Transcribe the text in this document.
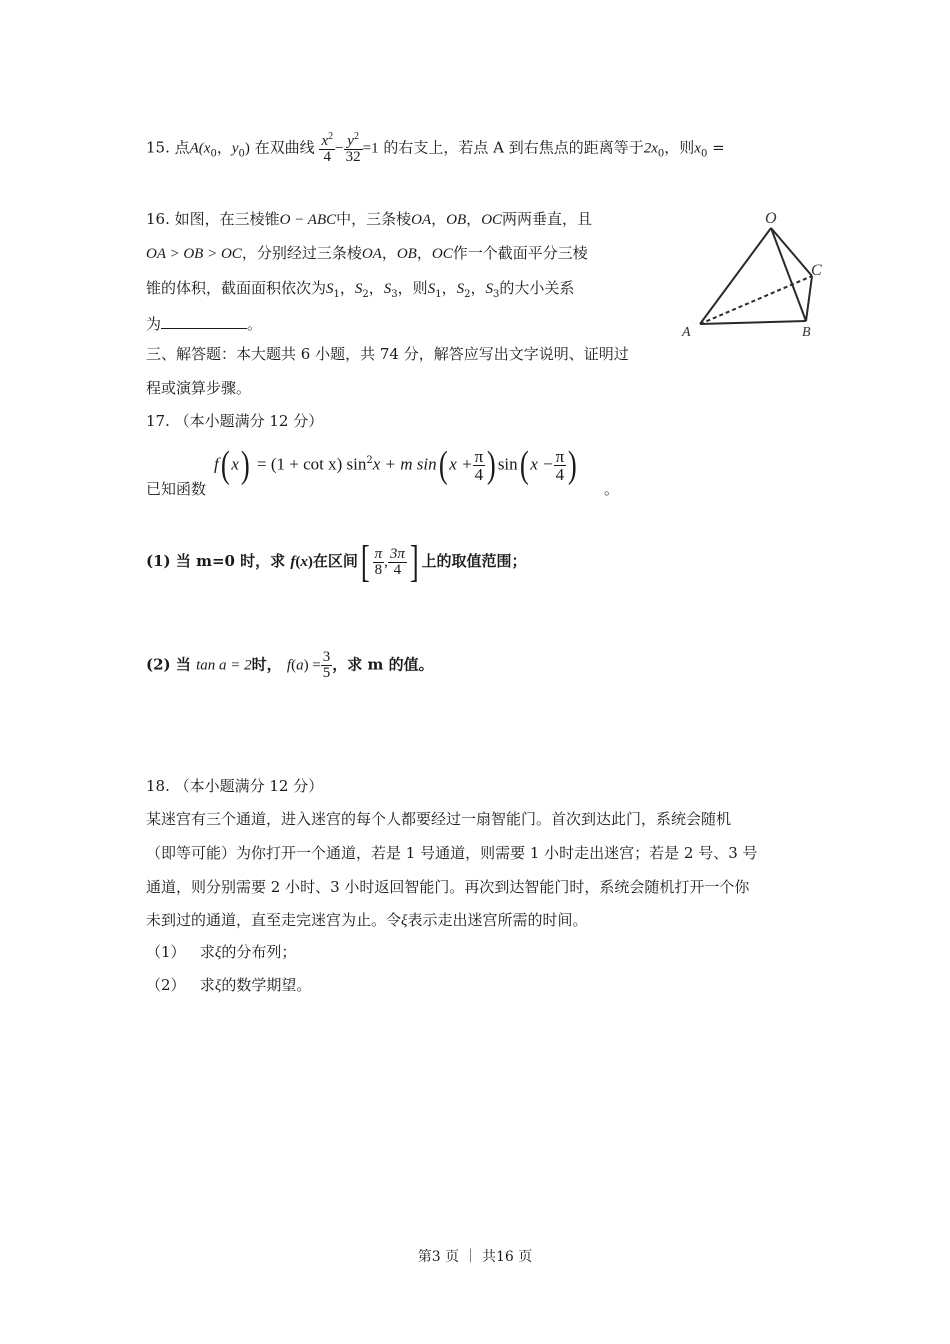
15. 点$A(x_0$，$y_0$) 在双曲线 $\frac{x^2}{4} - \frac{y^2}{32} =1$ 的右支上，若点 A 到右焦点的距离等于$2x_0$，则$x_0$ =
16. 如图，在三棱锥O − ABC中，三条棱OA，OB，OC两两垂直，且
OA > OB > OC，分别经过三条棱OA，OB，OC作一个截面平分三棱
锥的体积，截面面积依次为$S_1$，$S_2$，$S_3$，则$S_1$，$S_2$，$S_3$的大小关系
为	。
O
C
A	B
三、解答题：本大题共 6 小题，共 74 分，解答应写出文字说明、证明过
程或演算步骤。
17. （本小题满分 12 分）
f( x) = (1 + cot x) $\sin^2x + m$ sin( $x + \frac{\pi}{4}$ ) sin( $x - \frac{\pi}{4}$ )
已知函数	。
(1) 当 m=0 时，求 f(x)在区间[ $\frac{\pi}{8}$ , $\frac{3\pi}{4}$ ] 上的取值范围；
(2) 当 tan a = 2时， $f(a) = \frac{3}{5}$ ，求 m 的值。
18. （本小题满分 12 分）
某迷宫有三个通道，进入迷宫的每个人都要经过一扇智能门。首次到达此门，系统会随机
（即等可能）为你打开一个通道，若是 1 号通道，则需要 1 小时走出迷宫；若是 2 号、3 号
通道，则分别需要 2 小时、3 小时返回智能门。再次到达智能门时，系统会随机打开一个你
未到过的通道，直至走完迷宫为止。令ξ表示走出迷宫所需的时间。
（1） 求ξ的分布列；
（2） 求ξ的数学期望。
第3 页 ｜ 共16 页
